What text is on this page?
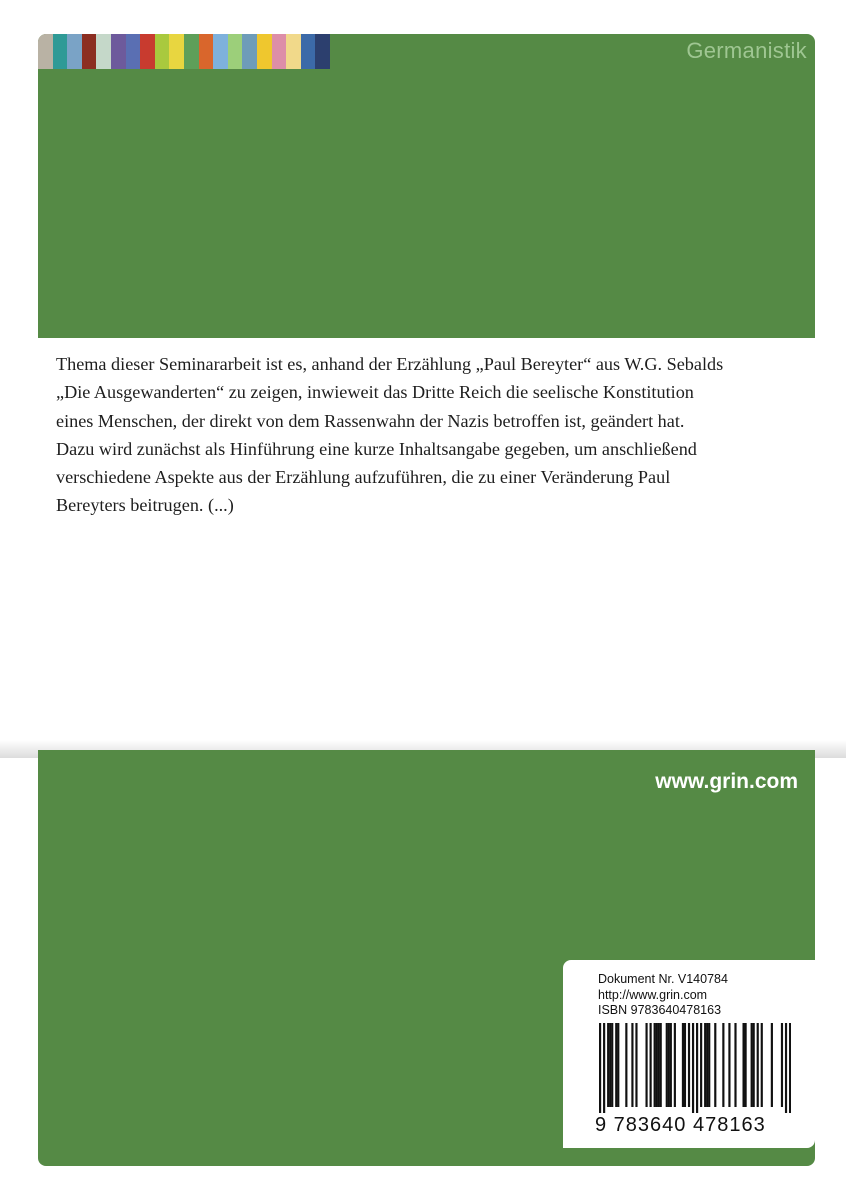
Germanistik
Thema dieser Seminararbeit ist es, anhand der Erzählung „Paul Bereyter“ aus W.G. Sebalds
„Die Ausgewanderten“ zu zeigen, inwieweit das Dritte Reich die seelische Konstitution
eines Menschen, der direkt von dem Rassenwahn der Nazis betroffen ist, geändert hat.
Dazu wird zunächst als Hinführung eine kurze Inhaltsangabe gegeben, um anschließend
verschiedene Aspekte aus der Erzählung aufzuführen, die zu einer Veränderung Paul
Bereyters beitrugen. (...)
www.grin.com
Dokument Nr. V140784
http://www.grin.com
ISBN 9783640478163
9 783640 478163
